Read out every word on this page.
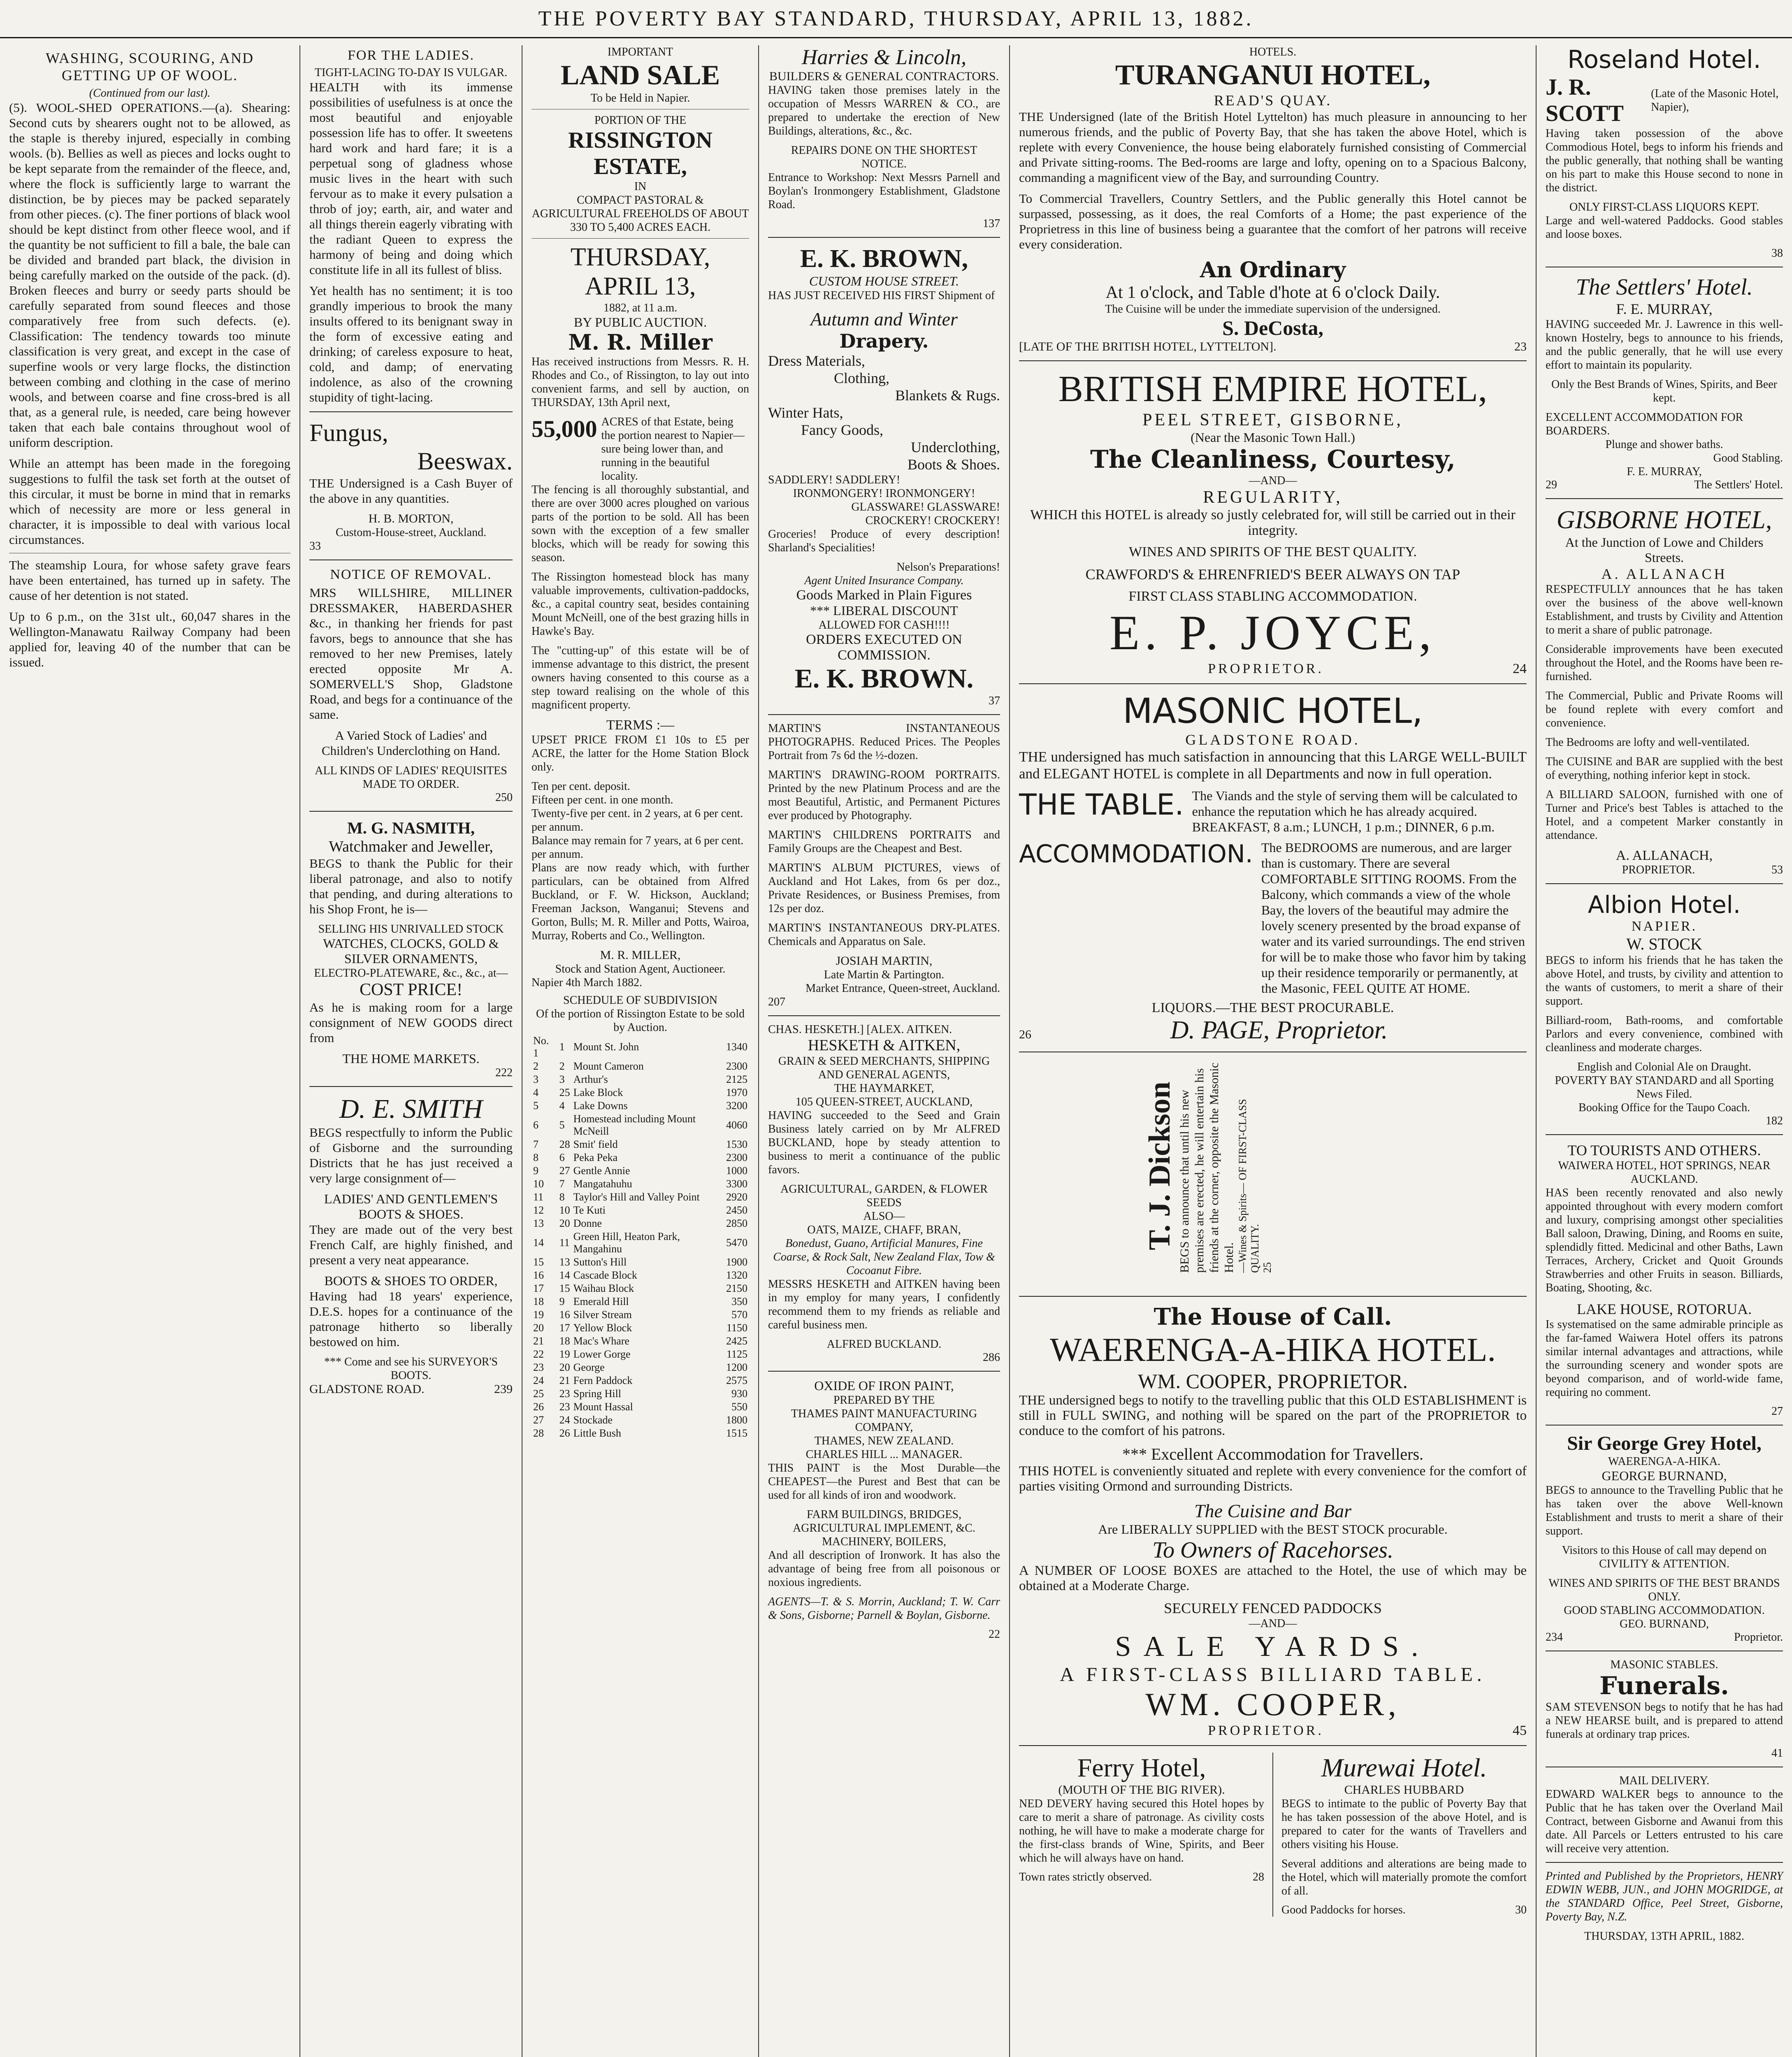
THE POVERTY BAY STANDARD, THURSDAY, APRIL 13, 1882.
WASHING, SCOURING, AND GETTING UP OF WOOL.
(Continued from our last).

(5). WOOL-SHED OPERATIONS.—(a). Shearing: Second cuts by shearers ought not to be allowed, as the staple is thereby injured, especially in combing wools. (b). Bellies as well as pieces and locks ought to be kept separate from the remainder of the fleece, and, where the flock is sufficiently large to warrant the distinction, be by pieces may be packed separately from other pieces. (c). The finer portions of black wool should be kept distinct from other fleece wool, and if the quantity be not sufficient to fill a bale, the bale can be divided and branded part black, the division in being carefully marked on the outside of the pack. (d). Broken fleeces and burry or seedy parts should be carefully separated from sound fleeces and those comparatively free from such defects. (e). Classification: The tendency towards too minute classification is very great, and except in the case of superfine wools or very large flocks, the distinction between combing and clothing in the case of merino wools, and between coarse and fine cross-bred is all that, as a general rule, is needed, care being however taken that each bale contains throughout wool of uniform description.

While an attempt has been made in the foregoing suggestions to fulfil the task set forth at the outset of this circular, it must be borne in mind that in remarks which of necessity are more or less general in character, it is impossible to deal with various local circumstances.

The steamship Loura, for whose safety grave fears have been entertained, has turned up in safety. The cause of her detention is not stated.

Up to 6 p.m., on the 31st ult., 60,047 shares in the Wellington-Manawatu Railway Company had been applied for, leaving 40 of the number that can be issued.

FOR THE LADIES.
TIGHT-LACING TO-DAY IS VULGAR.

HEALTH with its immense possibilities of usefulness is at once the most beautiful and enjoyable possession life has to offer. It sweetens hard work and hard fare; it is a perpetual song of gladness whose music lives in the heart with such fervour as to make it every pulsation a throb of joy; earth, air, and water and all things therein eagerly vibrating with the radiant Queen to express the harmony of being and doing which constitute life in all its fullest of bliss.

Yet health has no sentiment; it is too grandly imperious to brook the many insults offered to its benignant sway in the form of excessive eating and drinking; of careless exposure to heat, cold, and damp; of enervating indolence, as also of the crowning stupidity of tight-lacing.

Fungus,
Beeswax.

THE Undersigned is a Cash Buyer of the above in any quantities.

H. B. MORTON,
Custom-House-street, Auckland.
33
NOTICE OF REMOVAL.

MRS WILLSHIRE, MILLINER DRESSMAKER, HABERDASHER &c., in thanking her friends for past favors, begs to announce that she has removed to her new Premises, lately erected opposite Mr A. SOMERVELL'S Shop, Gladstone Road, and begs for a continuance of the same.

A Varied Stock of Ladies' and Children's Underclothing on Hand.

ALL KINDS OF LADIES' REQUISITES MADE TO ORDER.
250
M. G. NASMITH,
Watchmaker and Jeweller,

BEGS to thank the Public for their liberal patronage, and also to notify that pending, and during alterations to his Shop Front, he is—

SELLING HIS UNRIVALLED STOCK
WATCHES, CLOCKS, GOLD & SILVER ORNAMENTS,
ELECTRO-PLATEWARE, &c., &c., at—
COST PRICE!

As he is making room for a large consignment of NEW GOODS direct from

THE HOME MARKETS.
222
D. E. SMITH

BEGS respectfully to inform the Public of Gisborne and the surrounding Districts that he has just received a very large consignment of—

LADIES' AND GENTLEMEN'S BOOTS & SHOES.

They are made out of the very best French Calf, are highly finished, and present a very neat appearance.

BOOTS & SHOES TO ORDER,

Having had 18 years' experience, D.E.S. hopes for a continuance of the patronage hitherto so liberally bestowed on him.

*** Come and see his SURVEYOR'S BOOTS.
GLADSTONE ROAD.	239
IMPORTANT
LAND SALE
To be Held in Napier.
PORTION OF THE
RISSINGTON ESTATE,
IN
COMPACT PASTORAL & AGRICULTURAL FREEHOLDS OF ABOUT 330 TO 5,400 ACRES EACH.
THURSDAY, APRIL 13,
1882, at 11 a.m.
BY PUBLIC AUCTION.
M. R. Miller

Has received instructions from Messrs. R. H. Rhodes and Co., of Rissington, to lay out into convenient farms, and sell by auction, on THURSDAY, 13th April next,

55,000 ACRES of that Estate, being the portion nearest to Napier—sure being lower than, and running in the beautiful locality.

The fencing is all thoroughly substantial, and there are over 3000 acres ploughed on various parts of the portion to be sold. All has been sown with the exception of a few smaller blocks, which will be ready for sowing this season.

The Rissington homestead block has many valuable improvements, cultivation-paddocks, &c., a capital country seat, besides containing Mount McNeill, one of the best grazing hills in Hawke's Bay.

The "cutting-up" of this estate will be of immense advantage to this district, the present owners having consented to this course as a step toward realising on the whole of this magnificent property.

TERMS :—

UPSET PRICE FROM £1 10s to £5 per ACRE, the latter for the Home Station Block only.

Ten per cent. deposit.
Fifteen per cent. in one month.
Twenty-five per cent. in 2 years, at 6 per cent. per annum.
Balance may remain for 7 years, at 6 per cent. per annum.

Plans are now ready which, with further particulars, can be obtained from Alfred Buckland, or F. W. Hickson, Auckland; Freeman Jackson, Wanganui; Stevens and Gorton, Bulls; M. R. Miller and Potts, Wairoa, Murray, Roberts and Co., Wellington.

M. R. MILLER,
Stock and Station Agent, Auctioneer.
Napier 4th March 1882.
SCHEDULE OF SUBDIVISION
Of the portion of Rissington Estate to be sold by Auction.
No. 1	1	Mount St. John	1340
2	2	Mount Cameron	2300
3	3	Arthur's	2125
4	25	Lake Block	1970
5	4	Lake Downs	3200
6	5	Homestead including Mount McNeill	4060
7	28	Smit' field	1530
8	6	Peka Peka	2300
9	27	Gentle Annie	1000
10	7	Mangatahuhu	3300
11	8	Taylor's Hill and Valley Point	2920
12	10	Te Kuti	2450
13	20	Donne	2850
14	11	Green Hill, Heaton Park, Mangahinu	5470
15	13	Sutton's Hill	1900
16	14	Cascade Block	1320
17	15	Waihau Block	2150
18	9	Emerald Hill	350
19	16	Silver Stream	570
20	17	Yellow Block	1150
21	18	Mac's Whare	2425
22	19	Lower Gorge	1125
23	20	George	1200
24	21	Fern Paddock	2575
25	23	Spring Hill	930
26	23	Mount Hassal	550
27	24	Stockade	1800
28	26	Little Bush	1515
Harries & Lincoln,
BUILDERS & GENERAL CONTRACTORS.

HAVING taken those premises lately in the occupation of Messrs WARREN & CO., are prepared to undertake the erection of New Buildings, alterations, &c., &c.

REPAIRS DONE ON THE SHORTEST NOTICE.

Entrance to Workshop: Next Messrs Parnell and Boylan's Ironmongery Establishment, Gladstone Road.

137
E. K. BROWN,
CUSTOM HOUSE STREET.

HAS JUST RECEIVED HIS FIRST Shipment of

Autumn and Winter
Drapery.
Dress Materials,
Clothing,
Blankets & Rugs.
Winter Hats,
Fancy Goods,
Underclothing,
Boots & Shoes.
SADDLERY! SADDLERY!
IRONMONGERY! IRONMONGERY!
GLASSWARE! GLASSWARE!
CROCKERY! CROCKERY!

Groceries! Produce of every description! Sharland's Specialities!

Nelson's Preparations!
Agent United Insurance Company.
Goods Marked in Plain Figures
*** LIBERAL DISCOUNT
ALLOWED FOR CASH!!!!
ORDERS EXECUTED ON COMMISSION.
E. K. BROWN.
37

MARTIN'S INSTANTANEOUS PHOTOGRAPHS. Reduced Prices. The Peoples Portrait from 7s 6d the ½-dozen.

MARTIN'S DRAWING-ROOM PORTRAITS. Printed by the new Platinum Process and are the most Beautiful, Artistic, and Permanent Pictures ever produced by Photography.

MARTIN'S CHILDRENS PORTRAITS and Family Groups are the Cheapest and Best.

MARTIN'S ALBUM PICTURES, views of Auckland and Hot Lakes, from 6s per doz., Private Residences, or Business Premises, from 12s per doz.

MARTIN'S INSTANTANEOUS DRY-PLATES. Chemicals and Apparatus on Sale.

JOSIAH MARTIN,
Late Martin & Partington.
Market Entrance, Queen-street, Auckland.
207
CHAS. HESKETH.] [ALEX. AITKEN.
HESKETH & AITKEN,
GRAIN & SEED MERCHANTS, SHIPPING AND GENERAL AGENTS,
THE HAYMARKET,
105 QUEEN-STREET, AUCKLAND,

HAVING succeeded to the Seed and Grain Business lately carried on by Mr ALFRED BUCKLAND, hope by steady attention to business to merit a continuance of the public favors.

AGRICULTURAL, GARDEN, & FLOWER SEEDS
ALSO—
OATS, MAIZE, CHAFF, BRAN,
Bonedust, Guano, Artificial Manures, Fine Coarse, & Rock Salt, New Zealand Flax, Tow & Cocoanut Fibre.

MESSRS HESKETH and AITKEN having been in my employ for many years, I confidently recommend them to my friends as reliable and careful business men.

ALFRED BUCKLAND.
286
OXIDE OF IRON PAINT,
PREPARED BY THE
THAMES PAINT MANUFACTURING COMPANY,
THAMES, NEW ZEALAND.
CHARLES HILL ... MANAGER.

THIS PAINT is the Most Durable—the CHEAPEST—the Purest and Best that can be used for all kinds of iron and woodwork.

FARM BUILDINGS, BRIDGES, AGRICULTURAL IMPLEMENT, &C. MACHINERY, BOILERS,

And all description of Ironwork. It has also the advantage of being free from all poisonous or noxious ingredients.

AGENTS—T. & S. Morrin, Auckland; T. W. Carr & Sons, Gisborne; Parnell & Boylan, Gisborne.

22
HOTELS.
TURANGANUI HOTEL,
READ'S QUAY.

THE Undersigned (late of the British Hotel Lyttelton) has much pleasure in announcing to her numerous friends, and the public of Poverty Bay, that she has taken the above Hotel, which is replete with every Convenience, the house being elaborately furnished consisting of Commercial and Private sitting-rooms. The Bed-rooms are large and lofty, opening on to a Spacious Balcony, commanding a magnificent view of the Bay, and surrounding Country.

To Commercial Travellers, Country Settlers, and the Public generally this Hotel cannot be surpassed, possessing, as it does, the real Comforts of a Home; the past experience of the Proprietress in this line of business being a guarantee that the comfort of her patrons will receive every consideration.

An Ordinary
At 1 o'clock, and Table d'hote at 6 o'clock Daily.
The Cuisine will be under the immediate supervision of the undersigned.
S. DeCosta,
[LATE OF THE BRITISH HOTEL, LYTTELTON].	23
BRITISH EMPIRE HOTEL,
PEEL STREET, GISBORNE,
(Near the Masonic Town Hall.)
The Cleanliness, Courtesy,
—AND—
REGULARITY,
WHICH this HOTEL is already so justly celebrated for, will still be carried out in their integrity.
WINES AND SPIRITS OF THE BEST QUALITY.
CRAWFORD'S & EHRENFRIED'S BEER ALWAYS ON TAP
FIRST CLASS STABLING ACCOMMODATION.
E. P. JOYCE,
PROPRIETOR.	24
MASONIC HOTEL,
GLADSTONE ROAD.

THE undersigned has much satisfaction in announcing that this LARGE WELL-BUILT and ELEGANT HOTEL is complete in all Departments and now in full operation.

THE TABLE. The Viands and the style of serving them will be calculated to enhance the reputation which he has already acquired. BREAKFAST, 8 a.m.; LUNCH, 1 p.m.; DINNER, 6 p.m.
ACCOMMODATION. The BEDROOMS are numerous, and are larger than is customary. There are several COMFORTABLE SITTING ROOMS. From the Balcony, which commands a view of the whole Bay, the lovers of the beautiful may admire the lovely scenery presented by the broad expanse of water and its varied surroundings. The end striven for will be to make those who favor him by taking up their residence temporarily or permanently, at the Masonic, FEEL QUITE AT HOME.
LIQUORS.—THE BEST PROCURABLE.
26	D. PAGE, Proprietor.
T. J. Dickson BEGS to announce that until his new premises are erected, he will entertain his friends at the corner, opposite the Masonic Hotel. —Wines & Spirits— OF FIRST-CLASS QUALITY. 25
The House of Call.
WAERENGA-A-HIKA HOTEL.
WM. COOPER, PROPRIETOR.

THE undersigned begs to notify to the travelling public that this OLD ESTABLISHMENT is still in FULL SWING, and nothing will be spared on the part of the PROPRIETOR to conduce to the comfort of his patrons.

*** Excellent Accommodation for Travellers.

THIS HOTEL is conveniently situated and replete with every convenience for the comfort of parties visiting Ormond and surrounding Districts.

The Cuisine and Bar
Are LIBERALLY SUPPLIED with the BEST STOCK procurable.
To Owners of Racehorses.

A NUMBER OF LOOSE BOXES are attached to the Hotel, the use of which may be obtained at a Moderate Charge.

SECURELY FENCED PADDOCKS
—AND—
SALE YARDS.
A FIRST-CLASS BILLIARD TABLE.
WM. COOPER,
PROPRIETOR.	45
Ferry Hotel,
(MOUTH OF THE BIG RIVER).

NED DEVERY having secured this Hotel hopes by care to merit a share of patronage. As civility costs nothing, he will have to make a moderate charge for the first-class brands of Wine, Spirits, and Beer which he will always have on hand.

Town rates strictly observed.	28
Murewai Hotel.
CHARLES HUBBARD

BEGS to intimate to the public of Poverty Bay that he has taken possession of the above Hotel, and is prepared to cater for the wants of Travellers and others visiting his House.

Several additions and alterations are being made to the Hotel, which will materially promote the comfort of all.

Good Paddocks for horses.	30
Roseland Hotel.
J. R. SCOTT
(Late of the Masonic Hotel, Napier),

Having taken possession of the above Commodious Hotel, begs to inform his friends and the public generally, that nothing shall be wanting on his part to make this House second to none in the district.

ONLY FIRST-CLASS LIQUORS KEPT.

Large and well-watered Paddocks. Good stables and loose boxes.

38
The Settlers' Hotel.
F. E. MURRAY,

HAVING succeeded Mr. J. Lawrence in this well-known Hostelry, begs to announce to his friends, and the public generally, that he will use every effort to maintain its popularity.

Only the Best Brands of Wines, Spirits, and Beer kept.

EXCELLENT ACCOMMODATION FOR BOARDERS.
Plunge and shower baths.
Good Stabling.
F. E. MURRAY,
29	The Settlers' Hotel.
GISBORNE HOTEL,
At the Junction of Lowe and Childers Streets.
A. ALLANACH

RESPECTFULLY announces that he has taken over the business of the above well-known Establishment, and trusts by Civility and Attention to merit a share of public patronage.

Considerable improvements have been executed throughout the Hotel, and the Rooms have been re-furnished.

The Commercial, Public and Private Rooms will be found replete with every comfort and convenience.

The Bedrooms are lofty and well-ventilated.

The CUISINE and BAR are supplied with the best of everything, nothing inferior kept in stock.

A BILLIARD SALOON, furnished with one of Turner and Price's best Tables is attached to the Hotel, and a competent Marker constantly in attendance.

A. ALLANACH,
PROPRIETOR.	53
Albion Hotel.
NAPIER.
W. STOCK

BEGS to inform his friends that he has taken the above Hotel, and trusts, by civility and attention to the wants of customers, to merit a share of their support.

Billiard-room, Bath-rooms, and comfortable Parlors and every convenience, combined with cleanliness and moderate charges.

English and Colonial Ale on Draught.
POVERTY BAY STANDARD and all Sporting News Filed.
Booking Office for the Taupo Coach.
182
TO TOURISTS AND OTHERS.
WAIWERA HOTEL, HOT SPRINGS, NEAR AUCKLAND.

HAS been recently renovated and also newly appointed throughout with every modern comfort and luxury, comprising amongst other specialities Ball saloon, Drawing, Dining, and Rooms en suite, splendidly fitted. Medicinal and other Baths, Lawn Terraces, Archery, Cricket and Quoit Grounds Strawberries and other Fruits in season. Billiards, Boating, Shooting, &c.

LAKE HOUSE, ROTORUA.

Is systematised on the same admirable principle as the far-famed Waiwera Hotel offers its patrons similar internal advantages and attractions, while the surrounding scenery and wonder spots are beyond comparison, and of world-wide fame, requiring no comment.

27
Sir George Grey Hotel,
WAERENGA-A-HIKA.
GEORGE BURNAND,

BEGS to announce to the Travelling Public that he has taken over the above Well-known Establishment and trusts to merit a share of their support.

Visitors to this House of call may depend on CIVILITY & ATTENTION.

WINES AND SPIRITS OF THE BEST BRANDS ONLY.
GOOD STABLING ACCOMMODATION.
GEO. BURNAND,
234	Proprietor.
MASONIC STABLES.
Funerals.

SAM STEVENSON begs to notify that he has had a NEW HEARSE built, and is prepared to attend funerals at ordinary trap prices.

41
MAIL DELIVERY.

EDWARD WALKER begs to announce to the Public that he has taken over the Overland Mail Contract, between Gisborne and Awanui from this date. All Parcels or Letters entrusted to his care will receive very attention.

Printed and Published by the Proprietors, HENRY EDWIN WEBB, JUN., and JOHN MOGRIDGE, at the STANDARD Office, Peel Street, Gisborne, Poverty Bay, N.Z.

THURSDAY, 13TH APRIL, 1882.
